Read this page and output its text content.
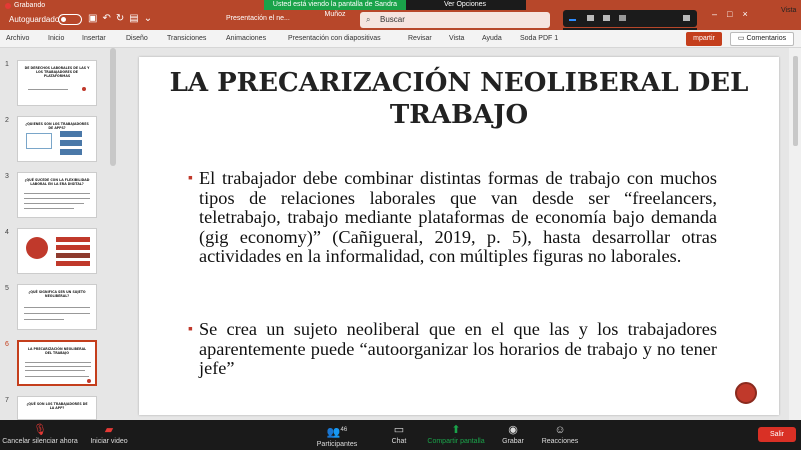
Grabando
Autoguardado	▣↶↻▤⌄	Presentación el ne...	⌕ Buscar
–□×
Usted está viendo la pantalla de Sandra Muñoz
Ver Opciones
Vista
Archivo	Inicio	Insertar	Diseño	Transiciones	Animaciones	Presentación con diapositivas	Revisar Vista	Ayuda	Soda PDF 1	mpartir	▭ Comentarios
1	DE DERECHOS LABORALES DE LAS Y LOS TRABAJADORES DE PLATAFORMAS
2	¿QUIENES SON LOS TRABAJADORES DE APPS?
3	¿QUÉ SUCEDE CON LA FLEXIBILIDAD LABORAL EN LA ERA DIGITAL?
4
5	¿QUÉ SIGNIFICA SER UN SUJETO NEOLIBERAL?
6
LA PRECARIZACIÓN NEOLIBERAL DEL TRABAJO
7	¿QUÉ SON LOS TRABAJADORES DE LA APP?
LA PRECARIZACIÓN NEOLIBERAL DEL TRABAJO
▪ El trabajador debe combinar distintas formas de trabajo con muchos tipos de relaciones laborales que van desde ser “freelancers, teletrabajo, trabajo mediante plataformas de economía bajo demanda (gig economy)” (Cañigueral, 2019, p. 5), hasta desarrollar otras actividades en la informalidad, con múltiples figuras no laborales.
▪ Se crea un sujeto neoliberal que en el que las y los trabajadores aparentemente puede “autoorganizar los horarios de trabajo y no tener jefe”
🎙
Cancelar silenciar ahora
▰
Iniciar video
👥$^{46}$
Participantes
▭
Chat
⬆
Compartir pantalla
◉
Grabar
☺
Reacciones
Salir
